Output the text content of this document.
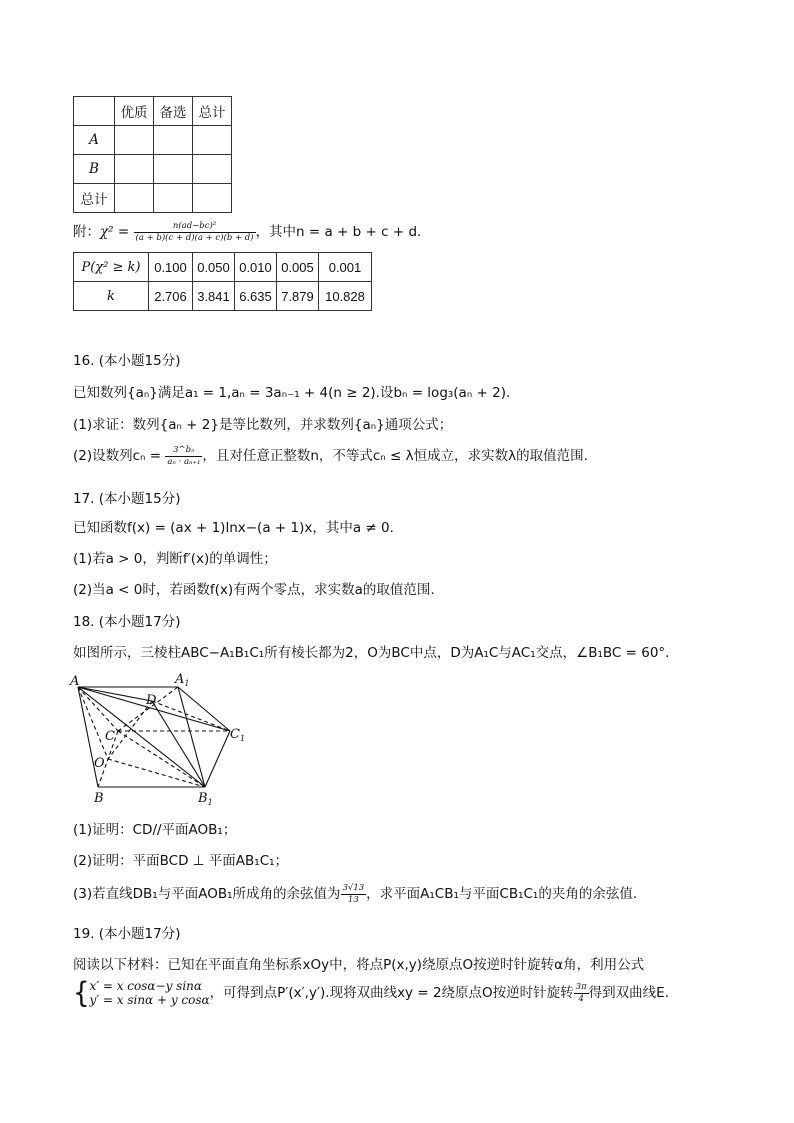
	优质	备选	总计
A			
B			
总计			
附：$\chi^2 = \frac{\text{n(ad−bc)²}}{(a + b)(c + d)(a + c)(b + d)}$ ，其中n = a + b + c + d.
P(χ² ≥ k)	0.100	0.050	0.010	0.005	0.001
k	2.706	3.841	6.635	7.879	10.828
16. (本小题15分)
已知数列{aₙ}满足a₁ = 1,aₙ = 3aₙ₋₁ + 4(n ≥ 2).设bₙ = log₃(aₙ + 2).
(1)求证：数列{aₙ + 2}是等比数列，并求数列{aₙ}通项公式；
(2)设数列$c_n = \frac{\text{3\textasciicircum{}bₙ}}{\text{aₙ · aₙ₊₁}}$ ，且对任意正整数n，不等式cₙ ≤ λ恒成立，求实数λ的取值范围.
17. (本小题15分)
已知函数f(x) = (ax + 1)lnx−(a + 1)x，其中a ≠ 0.
(1)若a > 0，判断f′(x)的单调性；
(2)当a < 0时，若函数f(x)有两个零点，求实数a的取值范围.
18. (本小题17分)
如图所示，三棱柱ABC−A₁B₁C₁所有棱长都为2，O为BC中点，D为A₁C与AC₁交点，∠B₁BC = 60°.
A	$A_1$
D
C	$C_1$
O
B	$B_1$
(1)证明：CD//平面AOB₁；
(2)证明：平面BCD ⊥ 平面AB₁C₁；
(3)若直线DB₁与平面AOB₁所成角的余弦值为 $\frac{3√13}{13}$ ，求平面A₁CB₁与平面CB₁C₁的夹角的余弦值.
19. (本小题17分)
阅读以下材料：已知在平面直角坐标系xOy中，将点P(x,y)绕原点O按逆时针旋转α角，利用公式
{ x′ = x cosα−y sinα
y′ = x sinα + y cosα ，可得到点P′(x′,y′).现将双曲线xy = 2绕原点O按逆时针旋转 $\frac{3\pi}{4}$ 得到双曲线E.
